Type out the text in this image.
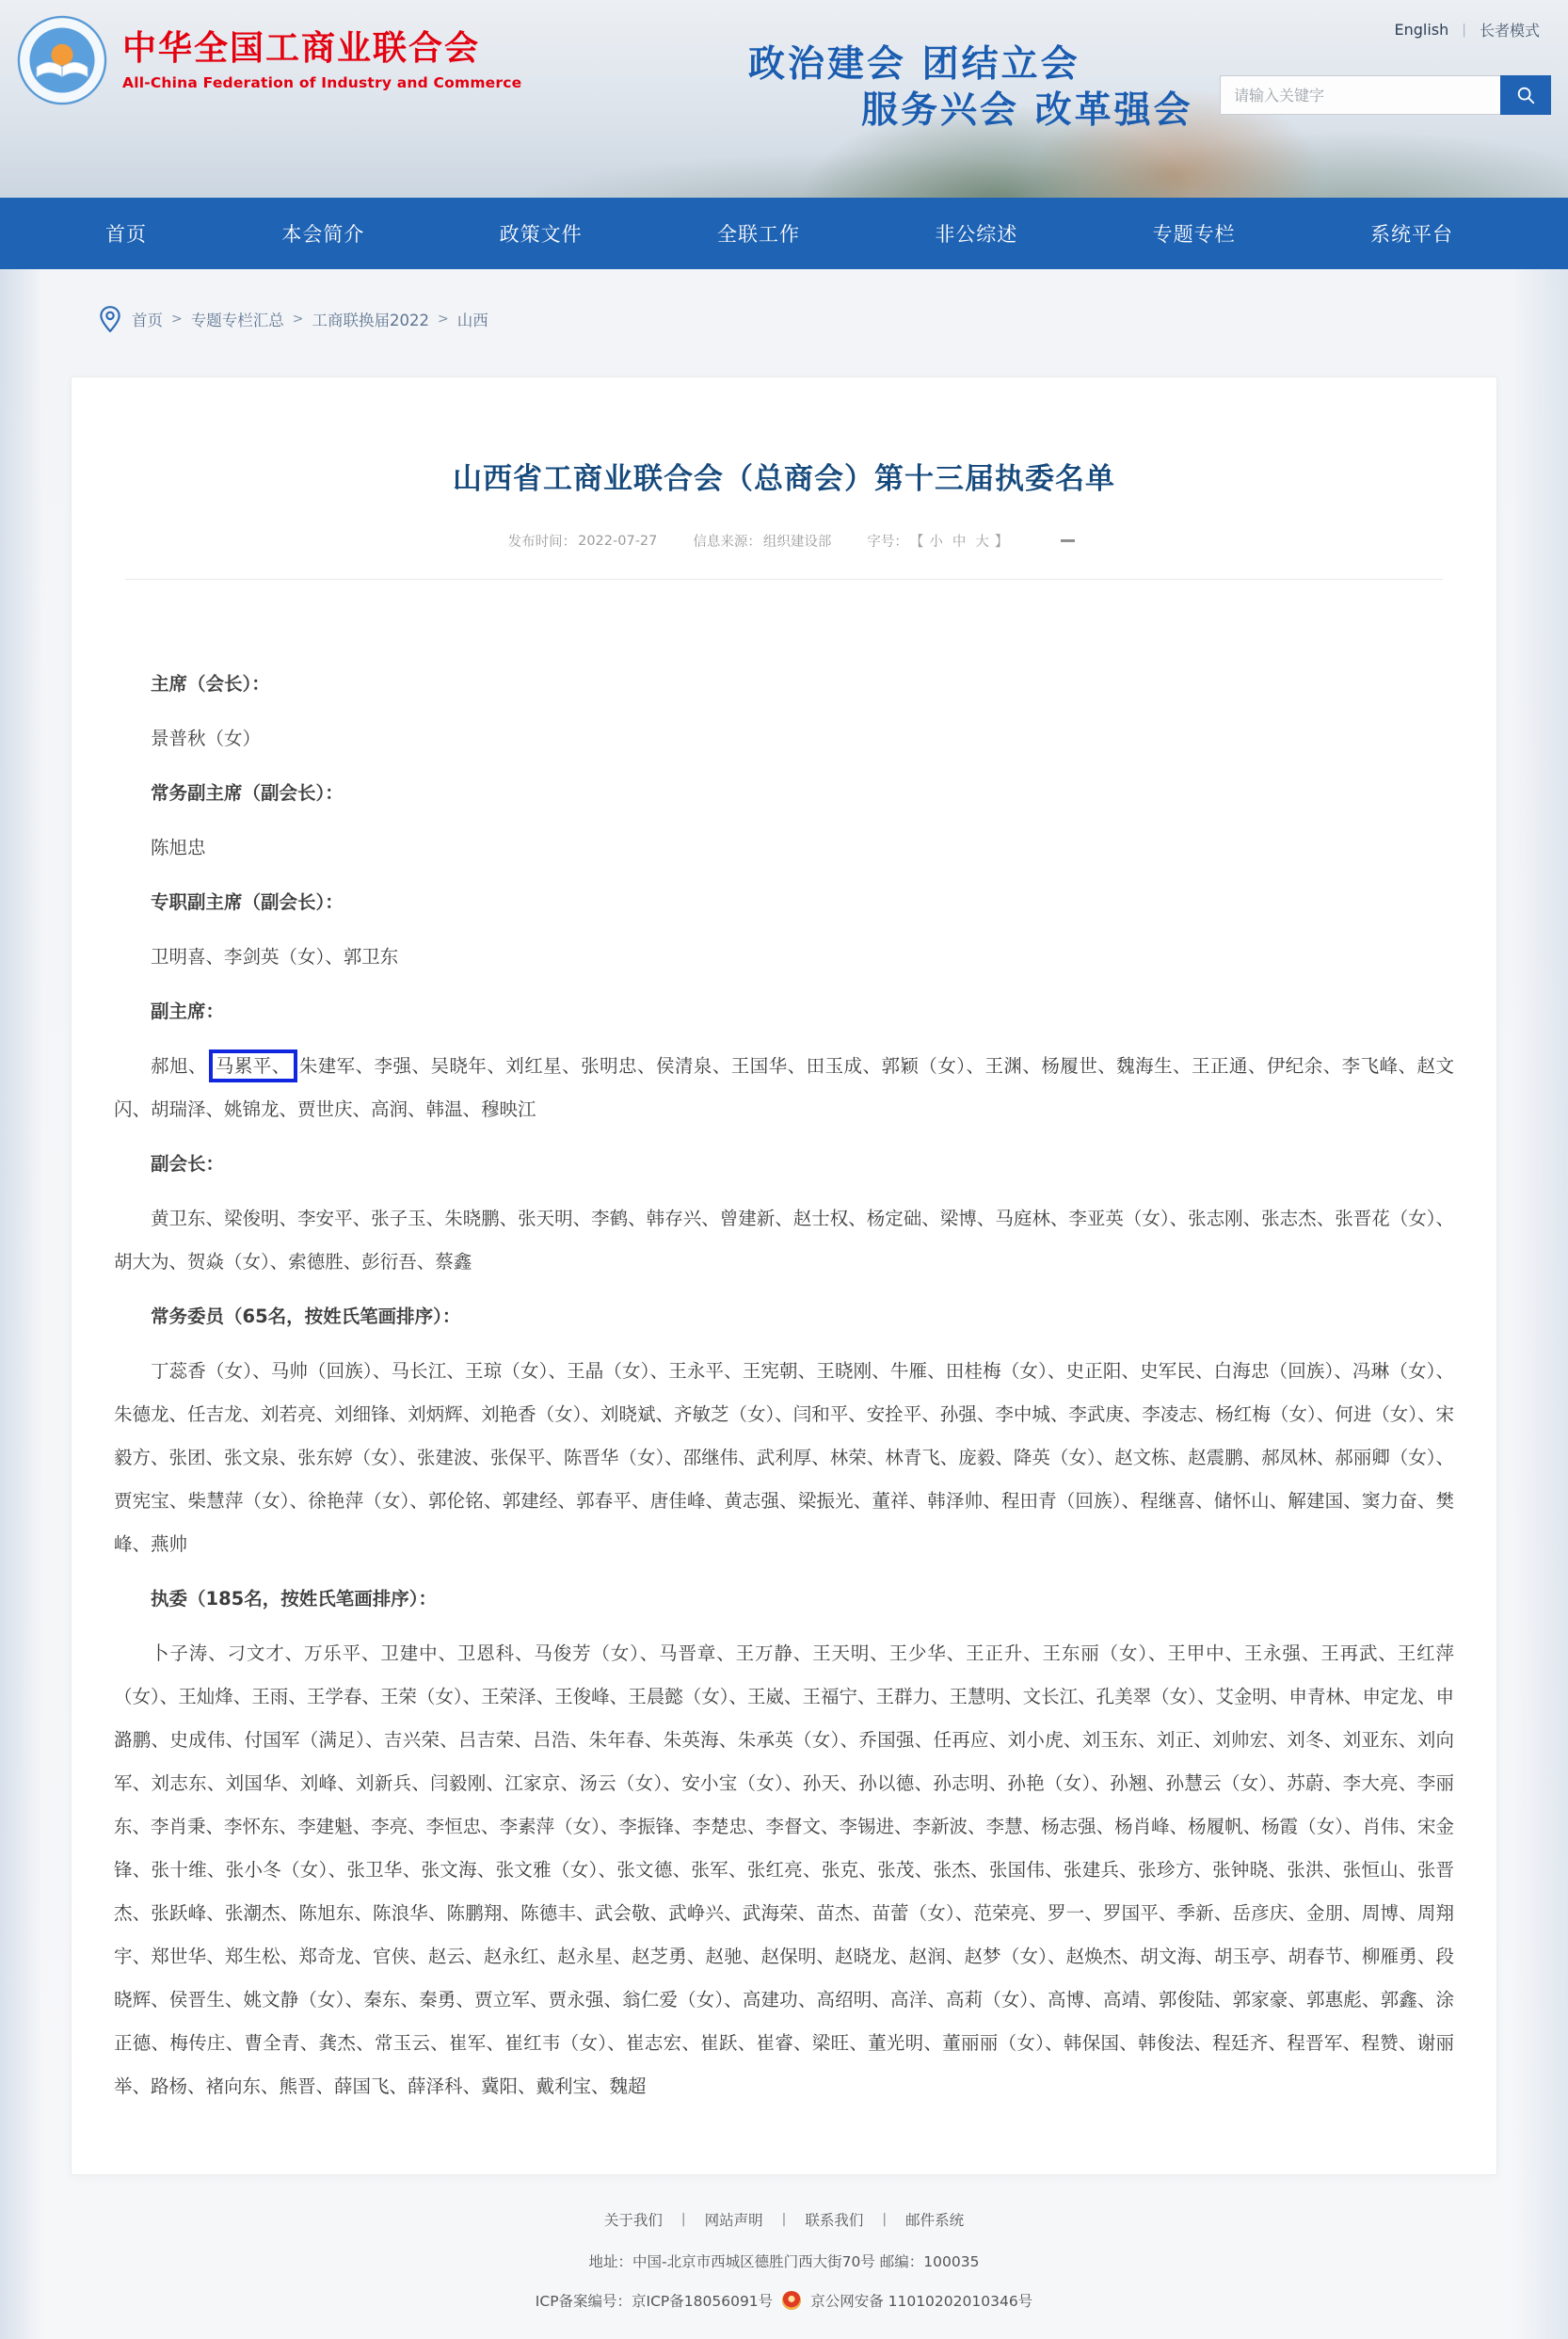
中华全国工商业联合会
All-China Federation of Industry and Commerce	政治建会 团结立会
服务兴会 改革强会
English | 长者模式
请输入关键字
首页	本会简介	政策文件	全联工作	非公综述	专题专栏	系统平台
首页 > 专题专栏汇总 > 工商联换届2022 > 山西
山西省工商业联合会（总商会）第十三届执委名单
发布时间： 2022-07-27	信息来源： 组织建设部	字号： 【 小 中 大 】

主席（会长）：

景普秋（女）

常务副主席（副会长）：

陈旭忠

专职副主席（副会长）：

卫明喜、李剑英（女）、郭卫东

副主席：

郝旭、 马累平、 朱建军、李强、吴晓年、刘红星、张明忠、侯清泉、王国华、田玉成、郭颖（女）、王渊、杨履世、魏海生、王正通、伊纪余、李飞峰、赵文闪、胡瑞泽、姚锦龙、贾世庆、高润、韩温、穆映江

副会长：

黄卫东、梁俊明、李安平、张子玉、朱晓鹏、张天明、李鹤、韩存兴、曾建新、赵士权、杨定础、梁博、马庭林、李亚英（女）、张志刚、张志杰、张晋花（女）、胡大为、贺焱（女）、索德胜、彭衍吾、蔡鑫

常务委员（65名，按姓氏笔画排序）：

丁蕊香（女）、马帅（回族）、马长江、王琼（女）、王晶（女）、王永平、王宪朝、王晓刚、牛雁、田桂梅（女）、史正阳、史军民、白海忠（回族）、冯琳（女）、朱德龙、任吉龙、刘若亮、刘细锋、刘炳辉、刘艳香（女）、刘晓斌、齐敏芝（女）、闫和平、安拴平、孙强、李中城、李武庚、李凌志、杨红梅（女）、何进（女）、宋毅方、张团、张文泉、张东婷（女）、张建波、张保平、陈晋华（女）、邵继伟、武利厚、林荣、林青飞、庞毅、降英（女）、赵文栋、赵震鹏、郝凤林、郝丽卿（女）、贾宪宝、柴慧萍（女）、徐艳萍（女）、郭伦铭、郭建经、郭春平、唐佳峰、黄志强、梁振光、董祥、韩泽帅、程田青（回族）、程继喜、储怀山、解建国、窦力奋、樊峰、燕帅

执委（185名，按姓氏笔画排序）：

卜子涛、刁文才、万乐平、卫建中、卫恩科、马俊芳（女）、马晋章、王万静、王天明、王少华、王正升、王东丽（女）、王甲中、王永强、王再武、王红萍（女）、王灿烽、王雨、王学春、王荣（女）、王荣泽、王俊峰、王晨懿（女）、王崴、王福宁、王群力、王慧明、文长江、孔美翠（女）、艾金明、申青林、申定龙、申潞鹏、史成伟、付国军（满足）、吉兴荣、吕吉荣、吕浩、朱年春、朱英海、朱承英（女）、乔国强、任再应、刘小虎、刘玉东、刘正、刘帅宏、刘冬、刘亚东、刘向军、刘志东、刘国华、刘峰、刘新兵、闫毅刚、江家京、汤云（女）、安小宝（女）、孙天、孙以德、孙志明、孙艳（女）、孙翘、孙慧云（女）、苏蔚、李大亮、李丽东、李肖秉、李怀东、李建魁、李亮、李恒忠、李素萍（女）、李振锋、李楚忠、李督文、李锡进、李新波、李慧、杨志强、杨肖峰、杨履帆、杨霞（女）、肖伟、宋金锋、张十维、张小冬（女）、张卫华、张文海、张文雅（女）、张文德、张军、张红亮、张克、张茂、张杰、张国伟、张建兵、张珍方、张钟晓、张洪、张恒山、张晋杰、张跃峰、张潮杰、陈旭东、陈浪华、陈鹏翔、陈德丰、武会敬、武峥兴、武海荣、苗杰、苗蕾（女）、范荣亮、罗一、罗国平、季新、岳彦庆、金朋、周博、周翔宇、郑世华、郑生松、郑奇龙、官侠、赵云、赵永红、赵永星、赵芝勇、赵驰、赵保明、赵晓龙、赵润、赵梦（女）、赵焕杰、胡文海、胡玉亭、胡春节、柳雁勇、段晓辉、侯晋生、姚文静（女）、秦东、秦勇、贾立军、贾永强、翁仁爱（女）、高建功、高绍明、高洋、高莉（女）、高博、高靖、郭俊陆、郭家豪、郭惠彪、郭鑫、涂正德、梅传庄、曹全青、龚杰、常玉云、崔军、崔红韦（女）、崔志宏、崔跃、崔睿、梁旺、董光明、董丽丽（女）、韩保国、韩俊法、程廷齐、程晋军、程赞、谢丽举、路杨、褚向东、熊晋、薛国飞、薛泽科、冀阳、戴利宝、魏超

关于我们 | 网站声明 | 联系我们 | 邮件系统
地址：中国-北京市西城区德胜门西大街70号 邮编：100035
ICP备案编号：京ICP备18056091号	京公网安备 11010202010346号
